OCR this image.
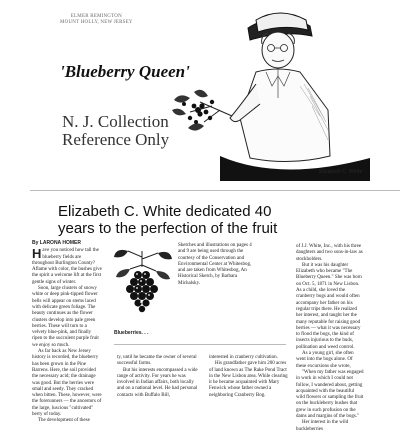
ELMER REMINGTON
MOUNT HOLLY, NEW JERSEY
'Blueberry Queen'
N. J. Collection
Reference Only
Elizabeth C. White
Elizabeth C. White dedicated 40
years to the perfection of the fruit

By LARONA HOMER

Have you noticed how tall the blueberry fields are throughout Burlington County? Aflame with color, the bushes give the spirit a welcome lift at the first gentle signs of winter.

Soon, large clusters of snowy white or deep pink-tipped flower bells will appear on stems laced with delicate green foliage. The beauty continues as the flower clusters develop into pale green berries. These will turn to a velvety blue-pink, and finally ripen to the succulent purple fruit we enjoy so much.

As far back as New Jersey history is recorded, the blueberry has been grown in the Pine Barrens. Here, the soil provided the necessary acid; the drainage was good. But the berries were small and seedy. They cracked when bitten. These, however, were the forerunners — the ancestors of the large, luscious "cultivated" berry of today.

The development of these

Blueberries. . .

Sketches and illustrations on pages 4 and 9 are being used through the courtesy of the Conservation and Environmental Center at Whitesbog, and are taken from Whitesbog, An Historical Sketch, by Barbara Michalsky.

ty, until he became the owner of several successful farms.

But his interests encompassed a wide range of activity. For years he was involved in Indian affairs, both locally and on a national level. He had personal contacts with Buffalo Bill,

interested in cranberry cultivation.

His grandfather gave him 200 acres of land known as The Rake Pond Tract in the New Lisbon area. While clearing it he became acquainted with Mary Fenwick whose father owned a neighboring Cranberry Bog.

of J.J. White, Inc., with his three daughters and two sons-in-law as stockholders.

But it was his daughter Elizabeth who became "The Blueberry Queen." She was born on Oct. 5, 1871 in New Lisbon. As a child, she loved the cranberry bogs and would often accompany her father on his regular trips there. He realized her interest, and taught her the many reputable for raising good berries — what it was necessary to flood the bogs, the kind of insects injurious to the buds, pollination and weed control.

As a young girl, she often went into the bogs alone. Of these excursions she wrote,

"When my father was engaged in work in which I could not follow, I wandered about, getting acquainted with the beautiful wild flowers or sampling the fruit on the huckleberry bushes that grew in such profusion on the dams and margins of the bogs."

Her interest in the wild huckleberries
